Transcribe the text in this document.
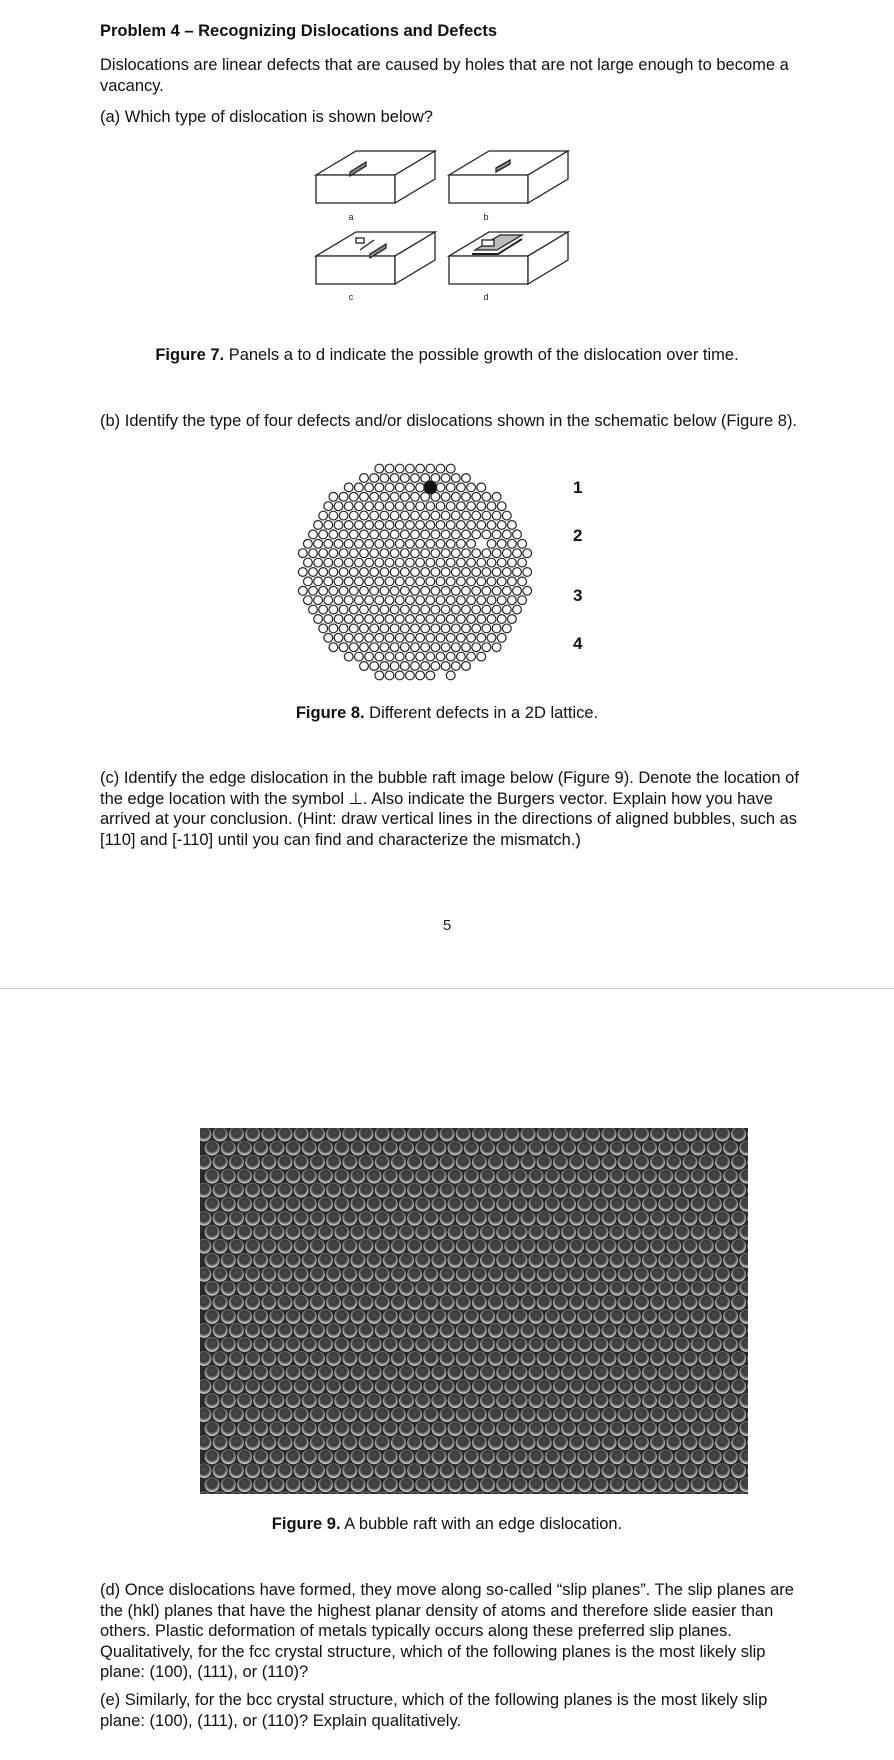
Problem 4 – Recognizing Dislocations and Defects

Dislocations are linear defects that are caused by holes that are not large enough to become a vacancy.

(a) Which type of dislocation is shown below?

a	b
c	d

Figure 7. Panels a to d indicate the possible growth of the dislocation over time.

(b) Identify the type of four defects and/or dislocations shown in the schematic below (Figure 8).

1
2
3
4

Figure 8. Different defects in a 2D lattice.

(c) Identify the edge dislocation in the bubble raft image below (Figure 9). Denote the location of the edge location with the symbol ⊥. Also indicate the Burgers vector. Explain how you have arrived at your conclusion. (Hint: draw vertical lines in the directions of aligned bubbles, such as [110] and [-110] until you can find and characterize the mismatch.)

5

Figure 9. A bubble raft with an edge dislocation.

(d) Once dislocations have formed, they move along so-called “slip planes”. The slip planes are the (hkl) planes that have the highest planar density of atoms and therefore slide easier than others. Plastic deformation of metals typically occurs along these preferred slip planes. Qualitatively, for the fcc crystal structure, which of the following planes is the most likely slip plane: (100), (111), or (110)?

(e) Similarly, for the bcc crystal structure, which of the following planes is the most likely slip plane: (100), (111), or (110)? Explain qualitatively.
